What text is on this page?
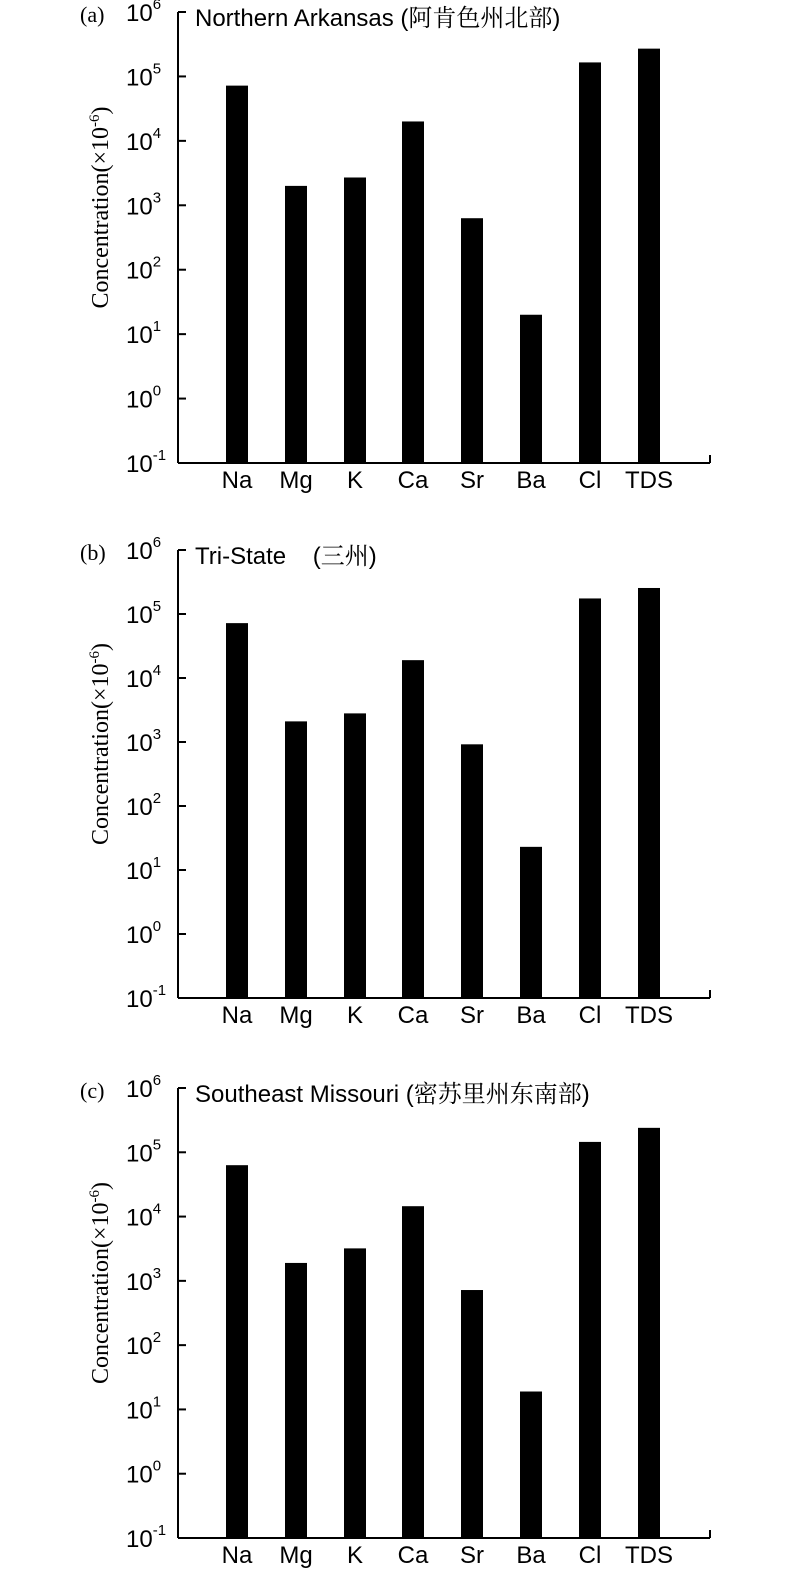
(a)	Northern Arkansas (阿肯色州北部)
$Concentration(\times 10^{-6})$
10-1
100
101
102
103
104
105
106
Na Mg K Ca Sr Ba Cl TDS
(b)	Tri-State    (三州)
$Concentration(\times 10^{-6})$
10-1
100
101
102
103
104
105
106
Na Mg K Ca Sr Ba Cl TDS
(c)	Southeast Missouri (密苏里州东南部)
$Concentration(\times 10^{-6})$
10-1
100
101
102
103
104
105
106
Na Mg K Ca Sr Ba Cl TDS
